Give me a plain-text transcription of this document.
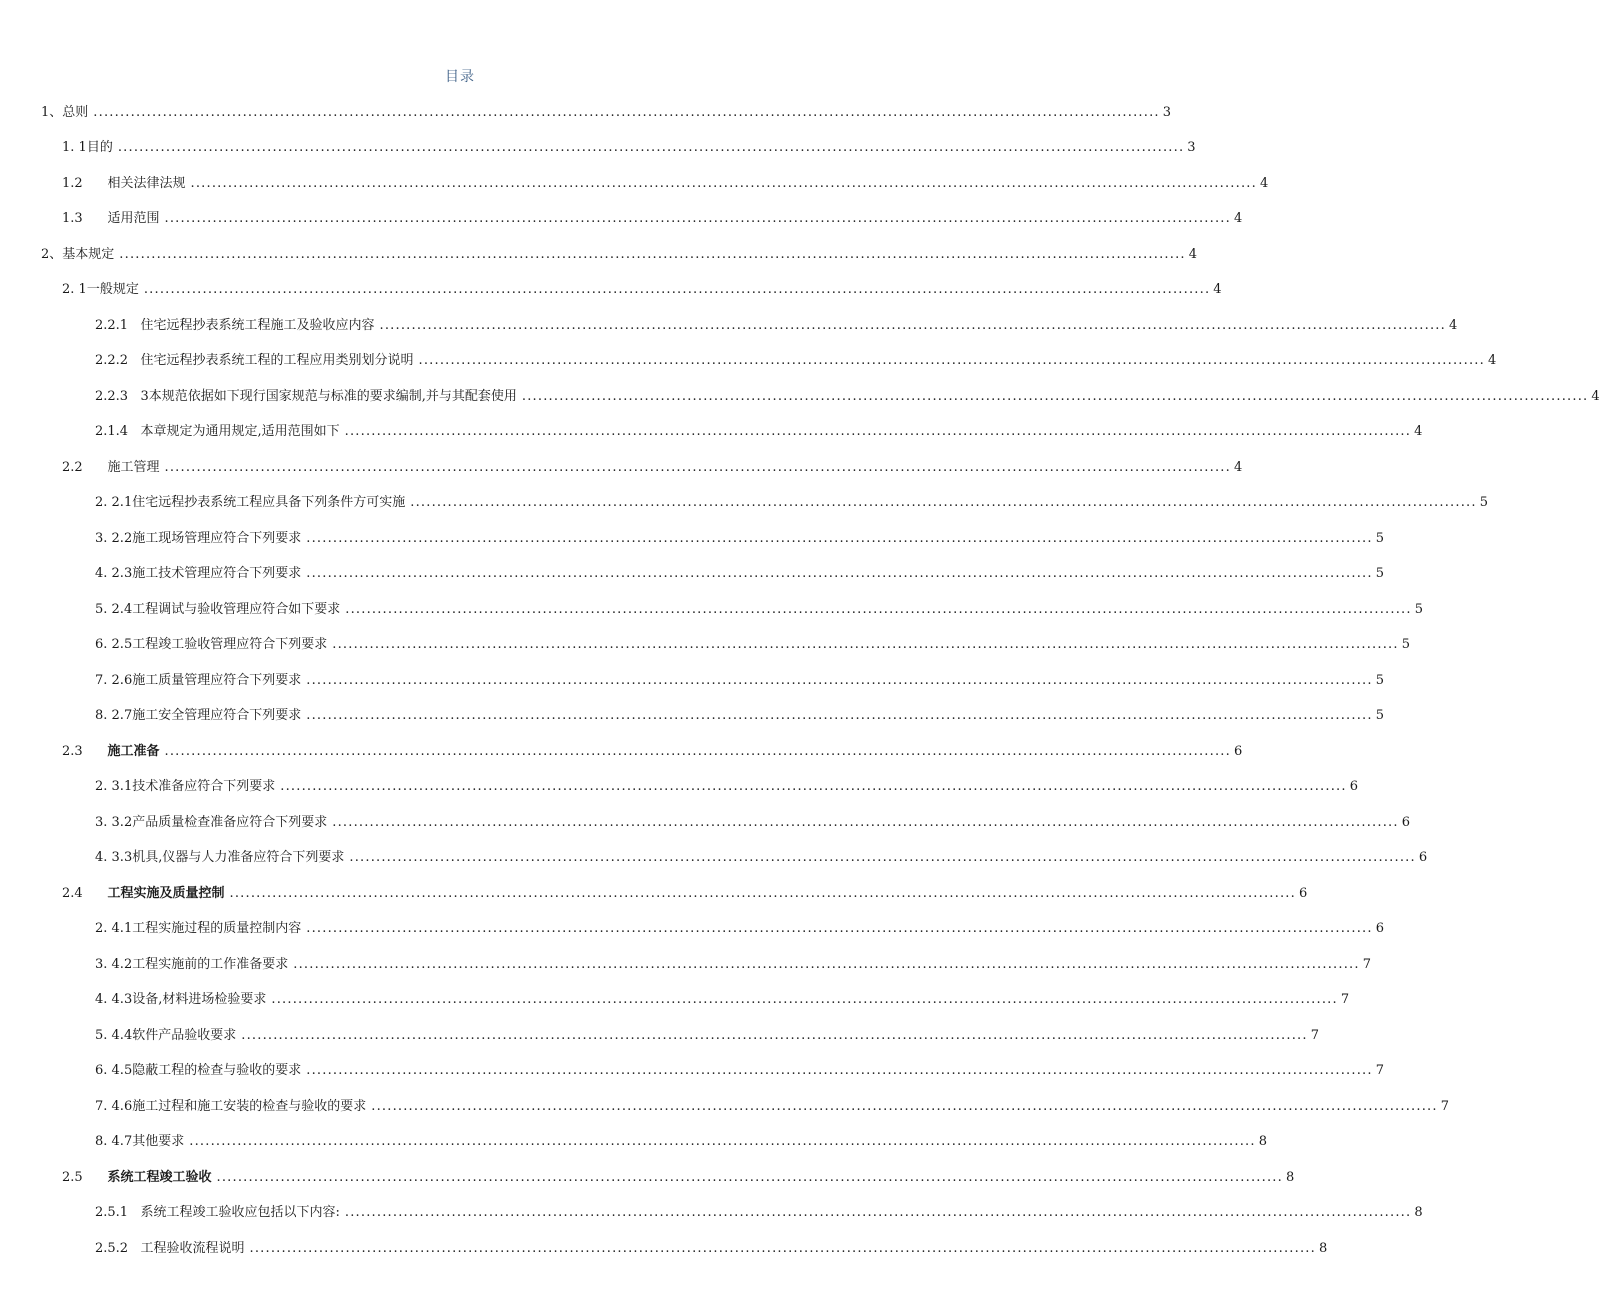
目录
1、总则 ........................................................................................................................................................................................................ 3
1. 1目的 ........................................................................................................................................................................................................ 3
1.2 相关法律法规 ........................................................................................................................................................................................................ 4
1.3 适用范围 ........................................................................................................................................................................................................ 4
2、基本规定 ........................................................................................................................................................................................................ 4
2. 1一般规定 ........................................................................................................................................................................................................ 4
2.2.1 住宅远程抄表系统工程施工及验收应内容 ........................................................................................................................................................................................................ 4
2.2.2 住宅远程抄表系统工程的工程应用类别划分说明 ........................................................................................................................................................................................................ 4
2.2.3 3本规范依据如下现行国家规范与标准的要求编制,并与其配套使用 ........................................................................................................................................................................................................ 4
2.1.4 本章规定为通用规定,适用范围如下 ........................................................................................................................................................................................................ 4
2.2 施工管理 ........................................................................................................................................................................................................ 4
2. 2.1住宅远程抄表系统工程应具备下列条件方可实施 ........................................................................................................................................................................................................ 5
3. 2.2施工现场管理应符合下列要求 ........................................................................................................................................................................................................ 5
4. 2.3施工技术管理应符合下列要求 ........................................................................................................................................................................................................ 5
5. 2.4工程调试与验收管理应符合如下要求 ........................................................................................................................................................................................................ 5
6. 2.5工程竣工验收管理应符合下列要求 ........................................................................................................................................................................................................ 5
7. 2.6施工质量管理应符合下列要求 ........................................................................................................................................................................................................ 5
8. 2.7施工安全管理应符合下列要求 ........................................................................................................................................................................................................ 5
2.3 施工准备 ........................................................................................................................................................................................................ 6
2. 3.1技术准备应符合下列要求 ........................................................................................................................................................................................................ 6
3. 3.2产品质量检查准备应符合下列要求 ........................................................................................................................................................................................................ 6
4. 3.3机具,仪器与人力准备应符合下列要求 ........................................................................................................................................................................................................ 6
2.4 工程实施及质量控制 ........................................................................................................................................................................................................ 6
2. 4.1工程实施过程的质量控制内容 ........................................................................................................................................................................................................ 6
3. 4.2工程实施前的工作准备要求 ........................................................................................................................................................................................................ 7
4. 4.3设备,材料进场检验要求 ........................................................................................................................................................................................................ 7
5. 4.4软件产品验收要求 ........................................................................................................................................................................................................ 7
6. 4.5隐蔽工程的检查与验收的要求 ........................................................................................................................................................................................................ 7
7. 4.6施工过程和施工安装的检查与验收的要求 ........................................................................................................................................................................................................ 7
8. 4.7其他要求 ........................................................................................................................................................................................................ 8
2.5 系统工程竣工验收 ........................................................................................................................................................................................................ 8
2.5.1 系统工程竣工验收应包括以下内容: ........................................................................................................................................................................................................ 8
2.5.2 工程验收流程说明 ........................................................................................................................................................................................................ 8
